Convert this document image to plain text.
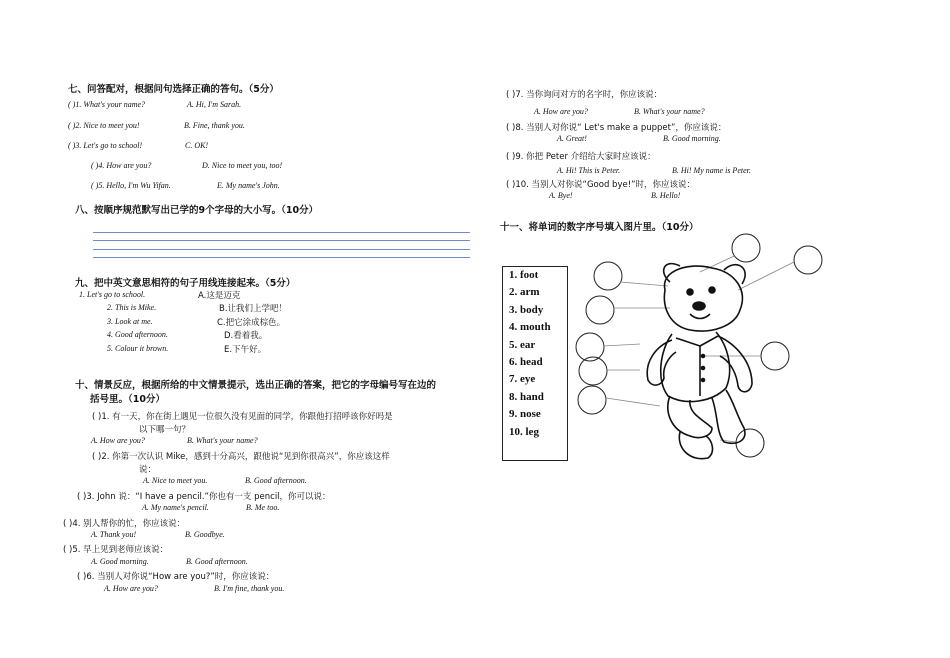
七、问答配对，根据问句选择正确的答句。（5分）
( )1. What's your name?	A. Hi, I'm Sarah.
( )2. Nice to meet you!	B. Fine, thank you.
( )3. Let's go to school!	C. OK!
( )4. How are you?	D. Nice to meet you, too!
( )5. Hello, I'm Wu Yifan.	E. My name's John.
八、按顺序规范默写出已学的9个字母的大小写。（10分）
九、把中英文意思相符的句子用线连接起来。（5分）
1. Let's go to school.	A.这是迈克
2. This is Mike.	B.让我们上学吧！
3. Look at me.	C.把它涂成棕色。
4. Good afternoon.	D.看着我。
5. Colour it brown.	E.下午好。
十、情景反应，根据所给的中文情景提示，选出正确的答案，把它的字母编号写在边的
括号里。（10分）
( )1. 有一天，你在街上遇见一位很久没有见面的同学，你跟他打招呼该你好吗是
以下哪一句？
A. How are you?	B. What's your name?
( )2. 你第一次认识 Mike，感到十分高兴，跟他说“见到你很高兴”，你应该这样
说：
A. Nice to meet you.	B. Good afternoon.
( )3. John 说：“I have a pencil.”你也有一支 pencil，你可以说：
A. My name's pencil.	B. Me too.
( )4. 别人帮你的忙，你应该说：
A. Thank you!	B. Goodbye.
( )5. 早上见到老师应该说：
A. Good morning.	B. Good afternoon.
( )6. 当别人对你说“How are you?”时，你应该说：
A. How are you?	B. I'm fine, thank you.
( )7. 当你询问对方的名字时，你应该说：
A. How are you?	B. What's your name?
( )8. 当别人对你说“ Let's make a puppet”，你应该说：
A. Great!	B. Good morning.
( )9. 你把 Peter 介绍给大家时应该说：
A. Hi! This is Peter.	B. Hi! My name is Peter.
( )10. 当别人对你说“Good bye!”时，你应该说：
A. Bye!	B. Hello!
十一、将单词的数字序号填入图片里。（10分）
1. foot
2. arm
3. body
4. mouth
5. ear
6. head
7. eye
8. hand
9. nose
10. leg
